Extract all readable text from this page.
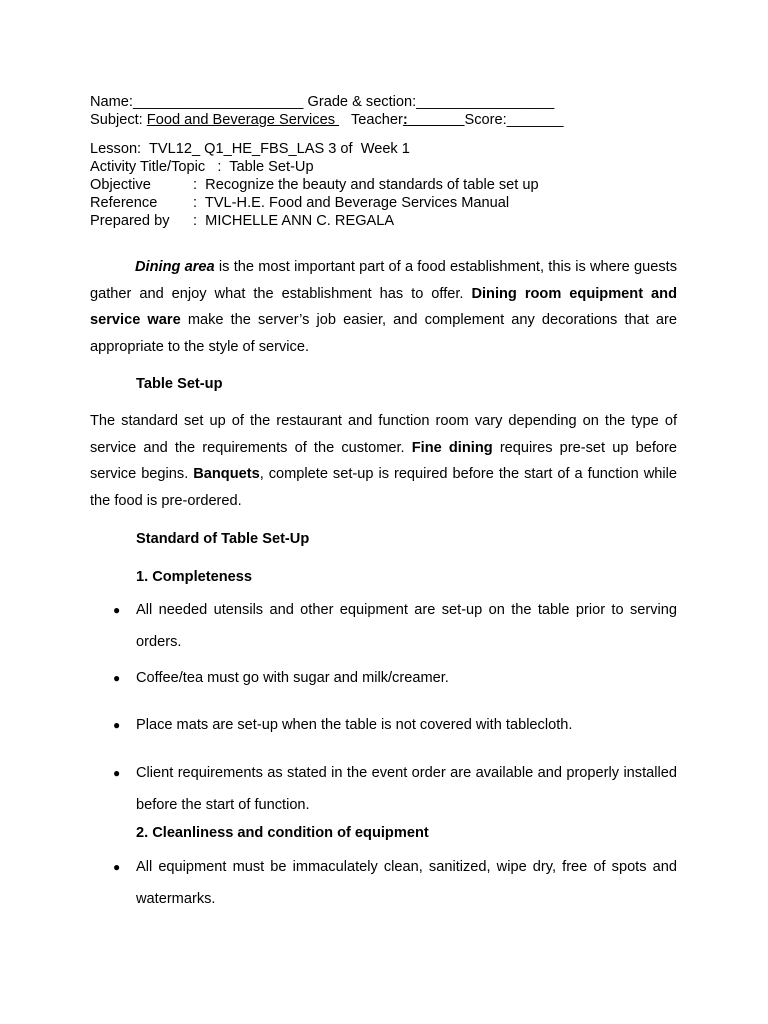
Name:_____________________ Grade & section:_________________
Subject: Food and Beverage Services    Teacher:	Score:_______
Lesson:  TVL12_ Q1_HE_FBS_LAS 3 of  Week 1
Activity Title/Topic   :  Table Set-Up
Objective	:  Recognize the beauty and standards of table set up
Reference :  TVL-H.E. Food and Beverage Services Manual
Prepared by :  MICHELLE ANN C. REGALA

Dining area is the most important part of a food establishment, this is where guests gather and enjoy what the establishment has to offer. Dining room equipment and service ware make the server’s job easier, and complement any decorations that are appropriate to the style of service.

Table Set-up

The standard set up of the restaurant and function room vary depending on the type of service and the requirements of the customer. Fine dining requires pre-set up before service begins. Banquets, complete set-up is required before the start of a function while the food is pre-ordered.

Standard of Table Set-Up
1. Completeness
● All needed utensils and other equipment are set-up on the table prior to serving orders.

● Coffee/tea must go with sugar and milk/creamer.

● Place mats are set-up when the table is not covered with tablecloth.

● Client requirements as stated in the event order are available and properly installed before the start of function.

2. Cleanliness and condition of equipment
● All equipment must be immaculately clean, sanitized, wipe dry, free of spots and watermarks.
